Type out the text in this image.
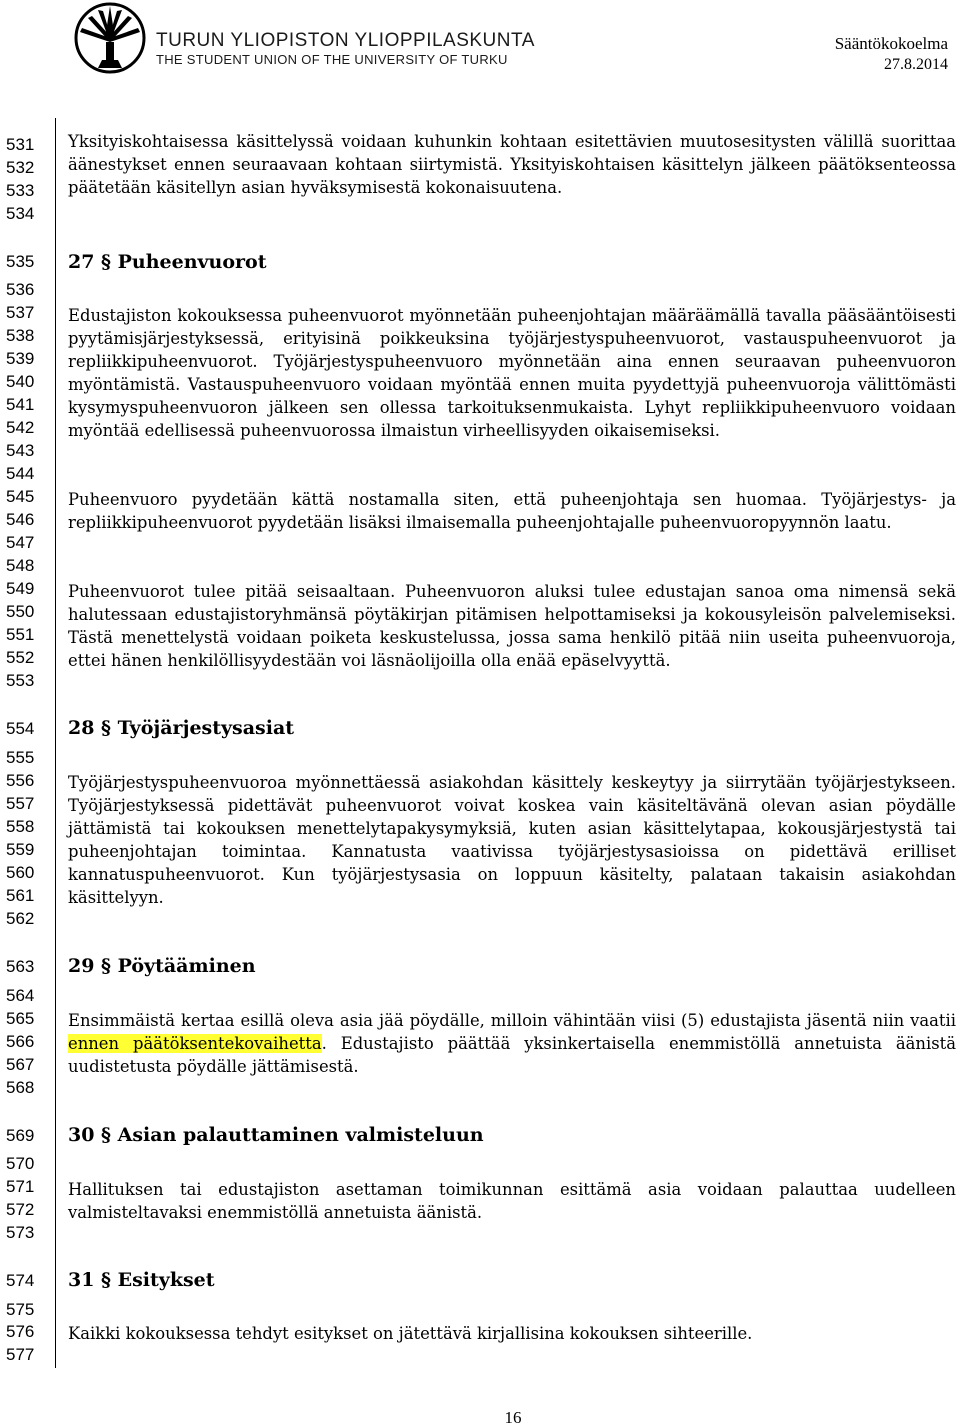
TURUN YLIOPISTON YLIOPPILASKUNTA
THE STUDENT UNION OF THE UNIVERSITY OF TURKU
Sääntökokoelma
27.8.2014
531
532
533
534
535
536
537
538
539
540
541
542
543
544
545
546
547
548
549
550
551
552
553
554
555
556
557
558
559
560
561
562
563
564
565
566
567
568
569
570
571
572
573
574
575
576
577
Yksityiskohtaisessa käsittelyssä voidaan kuhunkin kohtaan esitettävien muutosesitysten välillä suorittaa äänestykset ennen seuraavaan kohtaan siirtymistä. Yksityiskohtaisen käsittelyn jälkeen päätöksenteossa päätetään käsitellyn asian hyväksymisestä kokonaisuutena.
27 § Puheenvuorot
Edustajiston kokouksessa puheenvuorot myönnetään puheenjohtajan määräämällä tavalla pääsääntöisesti pyytämisjärjestyksessä, erityisinä poikkeuksina työjärjestyspuheenvuorot, vastauspuheenvuorot ja repliikkipuheenvuorot. Työjärjestyspuheenvuoro myönnetään aina ennen seuraavan puheenvuoron myöntämistä. Vastauspuheenvuoro voidaan myöntää ennen muita pyydettyjä puheenvuoroja välittömästi kysymyspuheenvuoron jälkeen sen ollessa tarkoituksenmukaista. Lyhyt repliikkipuheenvuoro voidaan myöntää edellisessä puheenvuorossa ilmaistun virheellisyyden oikaisemiseksi.
Puheenvuoro pyydetään kättä nostamalla siten, että puheenjohtaja sen huomaa. Työjärjestys- ja repliikkipuheenvuorot pyydetään lisäksi ilmaisemalla puheenjohtajalle puheenvuoropyynnön laatu.
Puheenvuorot tulee pitää seisaaltaan. Puheenvuoron aluksi tulee edustajan sanoa oma nimensä sekä halutessaan edustajistoryhmänsä pöytäkirjan pitämisen helpottamiseksi ja kokousyleisön palvelemiseksi. Tästä menettelystä voidaan poiketa keskustelussa, jossa sama henkilö pitää niin useita puheenvuoroja, ettei hänen henkilöllisyydestään voi läsnäolijoilla olla enää epäselvyyttä.
28 § Työjärjestysasiat
Työjärjestyspuheenvuoroa myönnettäessä asiakohdan käsittely keskeytyy ja siirrytään työjärjestykseen. Työjärjestyksessä pidettävät puheenvuorot voivat koskea vain käsiteltävänä olevan asian pöydälle jättämistä tai kokouksen menettelytapakysymyksiä, kuten asian käsittelytapaa, kokousjärjestystä tai puheenjohtajan toimintaa. Kannatusta vaativissa työjärjestysasioissa on pidettävä erilliset kannatuspuheenvuorot. Kun työjärjestysasia on loppuun käsitelty, palataan takaisin asiakohdan käsittelyyn.
29 § Pöytääminen
Ensimmäistä kertaa esillä oleva asia jää pöydälle, milloin vähintään viisi (5) edustajista jäsentä niin vaatii ennen päätöksentekovaihetta. Edustajisto päättää yksinkertaisella enemmistöllä annetuista äänistä uudistetusta pöydälle jättämisestä.
30 § Asian palauttaminen valmisteluun
Hallituksen tai edustajiston asettaman toimikunnan esittämä asia voidaan palauttaa uudelleen valmisteltavaksi enemmistöllä annetuista äänistä.
31 § Esitykset
Kaikki kokouksessa tehdyt esitykset on jätettävä kirjallisina kokouksen sihteerille.
16
